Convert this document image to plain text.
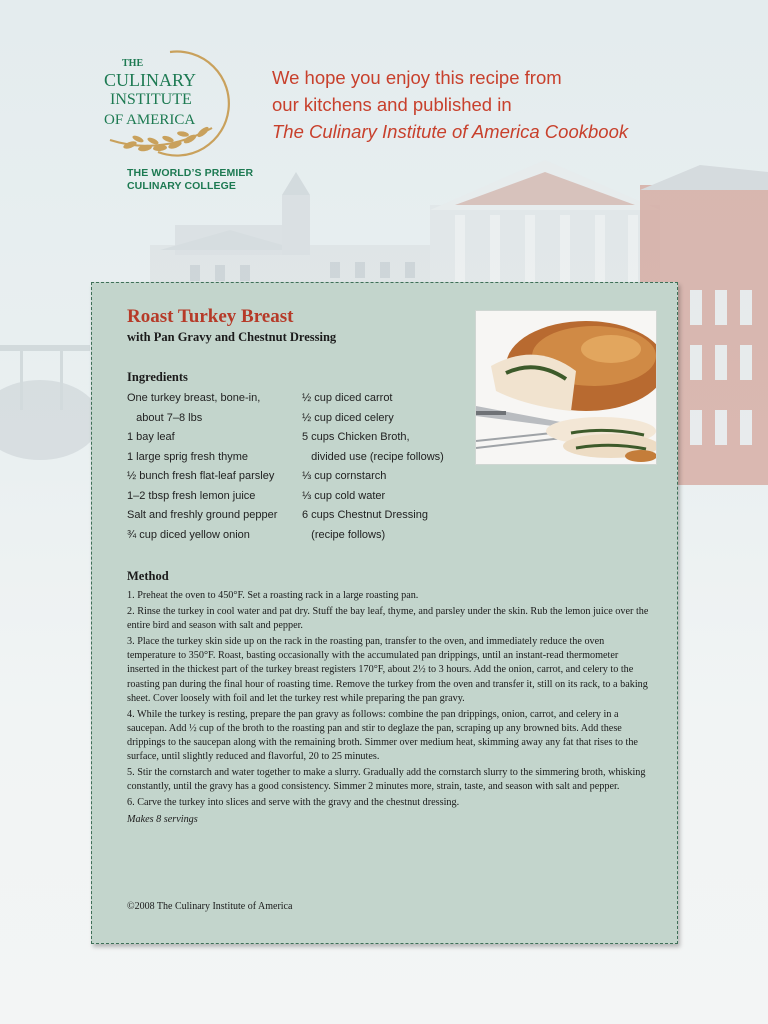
THE
CULINARY
INSTITUTE
OF AMERICA
THE WORLD’S PREMIER
CULINARY COLLEGE
We hope you enjoy this recipe from
our kitchens and published in
The Culinary Institute of America Cookbook
Roast Turkey Breast
with Pan Gravy and Chestnut Dressing
Ingredients
One turkey breast, bone-in,
about 7–8 lbs
1 bay leaf
1 large sprig fresh thyme
½ bunch fresh flat-leaf parsley
1–2 tbsp fresh lemon juice
Salt and freshly ground pepper
¾ cup diced yellow onion
½ cup diced carrot
½ cup diced celery
5 cups Chicken Broth,
divided use (recipe follows)
⅓ cup cornstarch
⅓ cup cold water
6 cups Chestnut Dressing
(recipe follows)
Method

1. Preheat the oven to 450°F. Set a roasting rack in a large roasting pan.

2. Rinse the turkey in cool water and pat dry. Stuff the bay leaf, thyme, and parsley under the skin. Rub the lemon juice over the entire bird and season with salt and pepper.

3. Place the turkey skin side up on the rack in the roasting pan, transfer to the oven, and immediately reduce the oven temperature to 350°F. Roast, basting occasionally with the accumulated pan drippings, until an instant-read thermometer inserted in the thickest part of the turkey breast registers 170°F, about 2½ to 3 hours. Add the onion, carrot, and celery to the roasting pan during the final hour of roasting time. Remove the turkey from the oven and transfer it, still on its rack, to a baking sheet. Cover loosely with foil and let the turkey rest while preparing the pan gravy.

4. While the turkey is resting, prepare the pan gravy as follows: combine the pan drippings, onion, carrot, and celery in a saucepan. Add ½ cup of the broth to the roasting pan and stir to deglaze the pan, scraping up any browned bits. Add these drippings to the saucepan along with the remaining broth. Simmer over medium heat, skimming away any fat that rises to the surface, until slightly reduced and flavorful, 20 to 25 minutes.

5. Stir the cornstarch and water together to make a slurry. Gradually add the cornstarch slurry to the simmering broth, whisking constantly, until the gravy has a good consistency. Simmer 2 minutes more, strain, taste, and season with salt and pepper.

6. Carve the turkey into slices and serve with the gravy and the chestnut dressing.

Makes 8 servings
©2008 The Culinary Institute of America
